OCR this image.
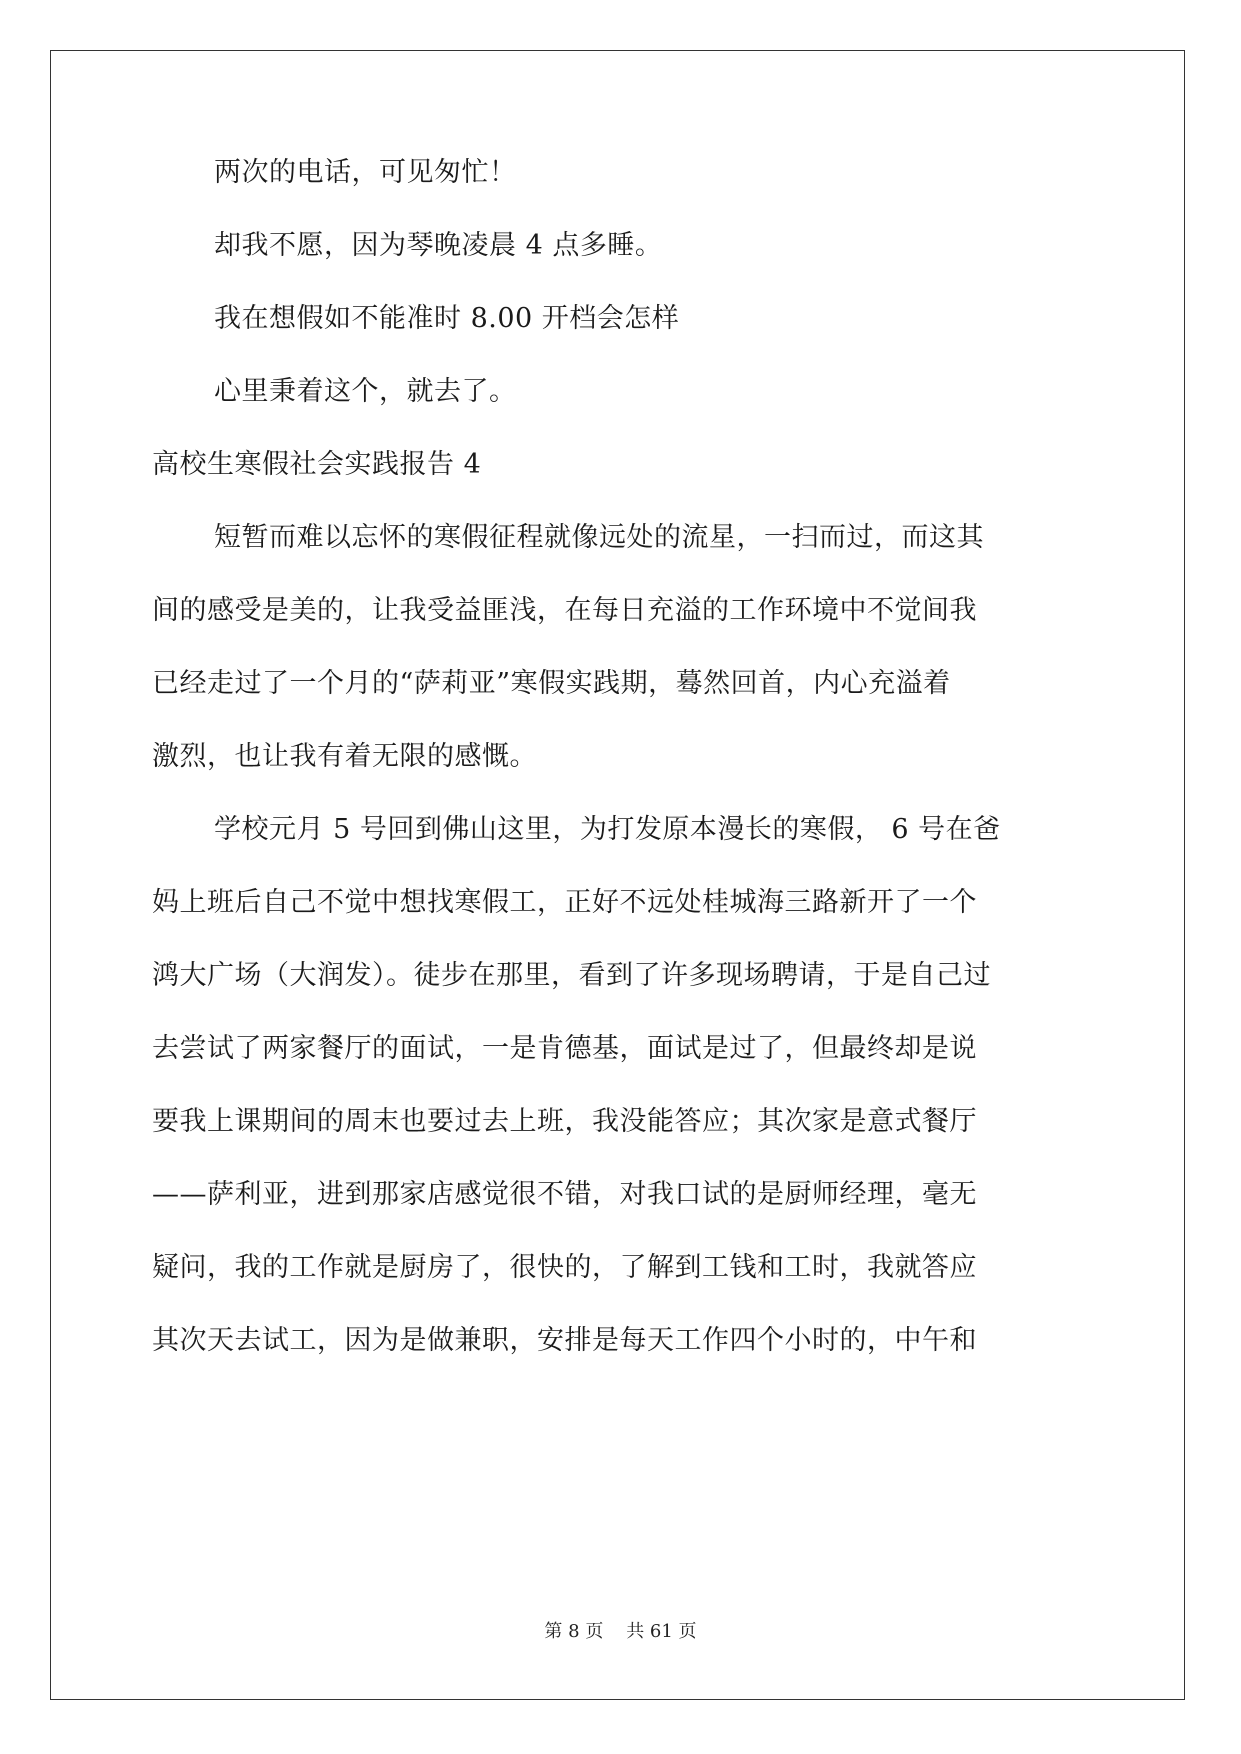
两次的电话，可见匆忙！
却我不愿，因为琴晚凌晨 4 点多睡。
我在想假如不能准时 8.00 开档会怎样
心里秉着这个，就去了。
高校生寒假社会实践报告 4
短暂而难以忘怀的寒假征程就像远处的流星，一扫而过，而这其
间的感受是美的，让我受益匪浅，在每日充溢的工作环境中不觉间我
已经走过了一个月的“萨莉亚”寒假实践期，蓦然回首，内心充溢着
激烈，也让我有着无限的感慨。
学校元月 5 号回到佛山这里，为打发原本漫长的寒假， 6 号在爸
妈上班后自己不觉中想找寒假工，正好不远处桂城海三路新开了一个
鸿大广场（大润发）。徒步在那里，看到了许多现场聘请，于是自己过
去尝试了两家餐厅的面试，一是肯德基，面试是过了，但最终却是说
要我上课期间的周末也要过去上班，我没能答应；其次家是意式餐厅
——萨利亚，进到那家店感觉很不错，对我口试的是厨师经理，毫无
疑问，我的工作就是厨房了，很快的，了解到工钱和工时，我就答应
其次天去试工，因为是做兼职，安排是每天工作四个小时的，中午和
第 8 页    共 61 页
